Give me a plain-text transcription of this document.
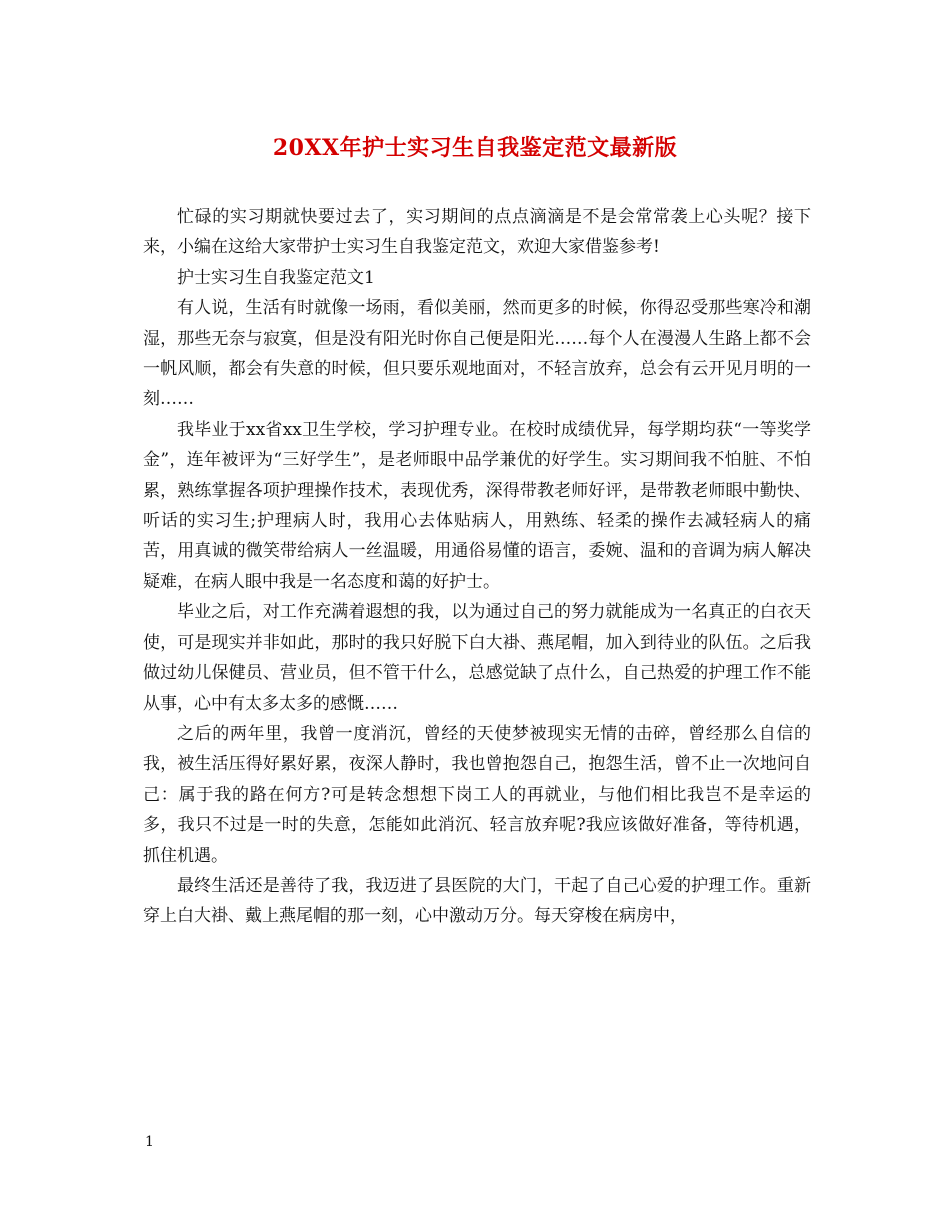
20XX年护士实习生自我鉴定范文最新版

忙碌的实习期就快要过去了，实习期间的点点滴滴是不是会常常袭上心头呢？接下来，小编在这给大家带护士实习生自我鉴定范文，欢迎大家借鉴参考!

护士实习生自我鉴定范文1

有人说，生活有时就像一场雨，看似美丽，然而更多的时候，你得忍受那些寒冷和潮湿，那些无奈与寂寞，但是没有阳光时你自己便是阳光……每个人在漫漫人生路上都不会一帆风顺，都会有失意的时候，但只要乐观地面对，不轻言放弃，总会有云开见月明的一刻……

我毕业于xx省xx卫生学校，学习护理专业。在校时成绩优异，每学期均获“一等奖学金”，连年被评为“三好学生”，是老师眼中品学兼优的好学生。实习期间我不怕脏、不怕累，熟练掌握各项护理操作技术，表现优秀，深得带教老师好评，是带教老师眼中勤快、听话的实习生;护理病人时，我用心去体贴病人，用熟练、轻柔的操作去减轻病人的痛苦，用真诚的微笑带给病人一丝温暖，用通俗易懂的语言，委婉、温和的音调为病人解决疑难，在病人眼中我是一名态度和蔼的好护士。

毕业之后，对工作充满着遐想的我，以为通过自己的努力就能成为一名真正的白衣天使，可是现实并非如此，那时的我只好脱下白大褂、燕尾帽，加入到待业的队伍。之后我做过幼儿保健员、营业员，但不管干什么，总感觉缺了点什么，自己热爱的护理工作不能从事，心中有太多太多的感慨……

之后的两年里，我曾一度消沉，曾经的天使梦被现实无情的击碎，曾经那么自信的我，被生活压得好累好累，夜深人静时，我也曾抱怨自己，抱怨生活，曾不止一次地问自己：属于我的路在何方?可是转念想想下岗工人的再就业，与他们相比我岂不是幸运的多，我只不过是一时的失意，怎能如此消沉、轻言放弃呢?我应该做好准备，等待机遇，抓住机遇。

最终生活还是善待了我，我迈进了县医院的大门，干起了自己心爱的护理工作。重新穿上白大褂、戴上燕尾帽的那一刻，心中激动万分。每天穿梭在病房中，

1
